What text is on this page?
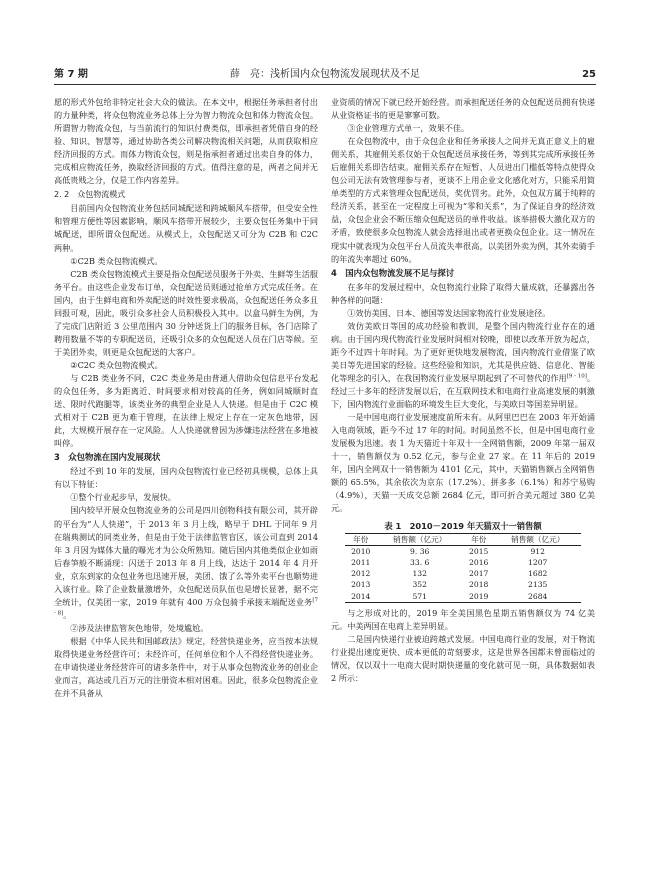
第 7 期	薛　亮：浅析国内众包物流发展现状及不足	25

愿的形式外包给非特定社会大众的做法。在本文中，根据任务承担者付出的力量种类，将众包物流业务总体上分为智力物流众包和体力物流众包。所谓智力物流众包，与当前流行的知识付费类似，即承担者凭借自身的经验、知识、智慧等，通过协助各类公司解决物流相关问题，从而获取相应经济回报的方式。而体力物流众包，则是指承担者通过出卖自身的体力，完成相应物流任务，换取经济回报的方式。值得注意的是，两者之间并无高低贵贱之分，仅是工作内容差异。

2. 2　众包物流模式

目前国内众包物流业务包括同城配送和跨城顺风车搭带，但受安全性和管理方便性等因素影响，顺风车搭带开展较少，主要众包任务集中于同城配送，即所谓众包配送。从模式上，众包配送又可分为 C2B 和 C2C 两种。

①C2B 类众包物流模式。

C2B 类众包物流模式主要是指众包配送员服务于外卖、生鲜等生活服务平台。由这些企业发布订单，众包配送员则通过抢单方式完成任务。在国内，由于生鲜电商和外卖配送的时效性要求极高，众包配送任务众多且回报可观，因此，吸引众多社会人员积极投入其中。以盒马鲜生为例，为了完成门店附近 3 公里范围内 30 分钟送货上门的服务目标，各门店除了聘用数量不等的专职配送员，还吸引众多的众包配送人员在门店等候。至于美团外卖，则更是众包配送的大客户。

②C2C 类众包物流模式。

与 C2B 类业务不同，C2C 类业务是由普通人借助众包信息平台发起的众包任务，多为距离近、时间要求相对较高的任务，例如同城顺时直送、限时代跑腿等，该类业务的典型企业是人人快递。但是由于 C2C 模式相对于 C2B 更为难于管理，在法律上规定上存在一定灰色地带，因此，大规模开展存在一定风险。人人快递就曾因为涉嫌违法经营在多地被叫停。

3　众包物流在国内发展现状

经过不到 10 年的发展，国内众包物流行业已经初具规模，总体上具有以下特征：

①整个行业起步早，发展快。

国内较早开展众包物流业务的公司是四川创物科技有限公司，其开辟的平台为“人人快递”，于 2013 年 3 月上线，略早于 DHL 于同年 9 月在瑞典测试的同类业务，但是由于处于法律监管盲区，该公司直到 2014 年 3 月因为媒体大量的曝光才为公众所熟知。随后国内其他类似企业如雨后春笋般不断涌现：闪送于 2013 年 8 月上线，达达于 2014 年 4 月开业，京东到家的众包业务也迅速开展，美团、饿了么等外卖平台也顺势进入该行业。除了企业数量激增外，众包配送员队伍也是增长显著，据不完全统计，仅美团一家，2019 年就有 400 万众包骑手承接末端配送业务[7 - 8]。

②涉及法律监管灰色地带，处境尴尬。

根据《中华人民共和国邮政法》规定，经营快递业务，应当按本法规取得快递业务经营许可；未经许可，任何单位和个人不得经营快递业务。在申请快递业务经营许可的诸多条件中，对于从事众包物流业务的创业企业而言，高达或几百万元的注册资本相对困难。因此，很多众包物流企业在并不具备从

业资质的情况下就已经开始经营。而承担配送任务的众包配送员拥有快递从业资格证书的更是寥寥可数。

③企业管理方式单一，效果不佳。

在众包物流中，由于众包企业和任务承接人之间并无真正意义上的雇佣关系，其雇佣关系仅始于众包配送员承接任务，等到其完成所承接任务后雇佣关系即告结束。雇佣关系存在短暂、人员进出门槛低等特点使得众包公司无法有效管理参与者，更谈不上用企业文化感化对方，只能采用简单类型的方式来管理众包配送员，奖优罚劣。此外，众包双方属于纯粹的经济关系，甚至在一定程度上可视为“零和关系”，为了保证自身的经济效益，众包企业会不断压缩众包配送员的单件收益。该举措极大激化双方的矛盾，致使很多众包物流人就会选择退出或者更换众包企业。这一情况在现实中就表现为众包平台人员流失率很高，以美团外卖为例，其外卖骑手的年流失率超过 60%。

4　国内众包物流发展不足与探讨

在多年的发展过程中，众包物流行业除了取得大量成就，还暴露出各种各样的问题：

①效仿美国、日本、德国等发达国家物流行业发展途径。

效仿美欧日等国的成功经验和教训，是整个国内物流行业存在的通病。由于国内现代物流行业发展时间相对较晚，即使以改革开放为起点，距今不过四十年时间。为了更好更快地发展物流，国内物流行业借鉴了欧美日等先进国家的经验。这些经验和知识，尤其是供应链、信息化、智能化等理念的引入，在我国物流行业发展早期起到了不可替代的作用[9 - 10]。经过三十多年的经济发展以后，在互联网技术和电商行业高速发展的刺激下，国内物流行业面临的环境发生巨大变化，与美欧日等国差异明显。

一是中国电商行业发展速度前所未有。从阿里巴巴在 2003 年开始涌入电商领域，距今不过 17 年的时间。时间虽然不长，但是中国电商行业发展极为迅速。表 1 为天猫近十年双十一全网销售额，2009 年第一届双十一，销售额仅为 0.52 亿元，参与企业 27 家。在 11 年后的 2019 年，国内全网双十一销售额为 4101 亿元，其中，天猫销售额占全网销售额的 65.5%，其余依次为京东（17.2%）、拼多多（6.1%）和苏宁易购（4.9%），天猫一天成交总额 2684 亿元，即可折合美元超过 380 亿美元。

表 1　2010－2019 年天猫双十一销售额
年份	销售额（亿元）	年份	销售额（亿元）
2010	9. 36	2015	912
2011	33. 6	2016	1207
2012	132	2017	1682
2013	352	2018	2135
2014	571	2019	2684

与之形成对比的，2019 年全美国黑色星期五销售额仅为 74 亿美元。中美两国在电商上差异明显。

二是国内快递行业被迫跨越式发展。中国电商行业的发展，对于物流行业提出速度更快、成本更低的苛刻要求，这是世界各国都未曾面临过的情况，仅以双十一电商大促时期快递量的变化就可见一斑，具体数据如表 2 所示：
